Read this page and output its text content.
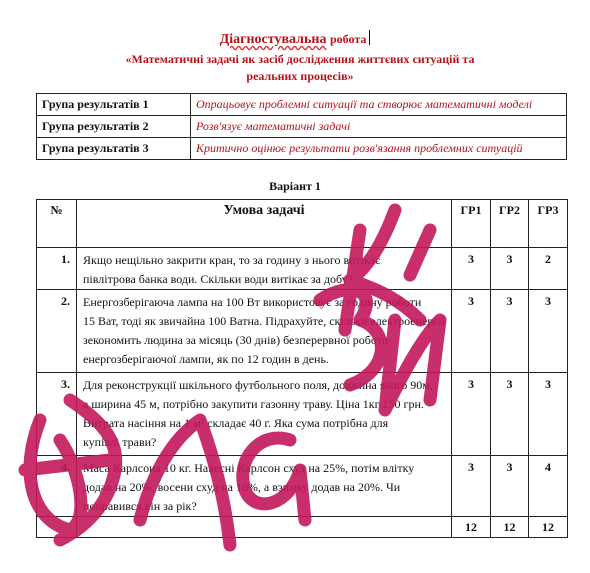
Діагностувальна робота
«Математичні задачі як засіб дослідження життєвих ситуацій та
реальних процесів»
Група результатів 1	Опрацьовує проблемні ситуації та створює математичні моделі
Група результатів 2	Розв'язує математичні задачі
Група результатів 3	Критично оцінює результати розв'язання проблемних ситуацій
Варіант 1
№	Умова задачі	ГР1	ГР2	ГР3
1.	Якщо нещільно закрити кран, то за годину з нього витікає
півлітрова банка води. Скільки води витікає за добу?	3	3	2
2.	Енергозберігаюча лампа на 100 Вт використовує за годину роботи
15 Ват, тоді як звичайна 100 Ватна. Підрахуйте, скільки електроенергії
зекономить людина за місяць (30 днів) безперервної роботи
енергозберігаючої лампи, як по 12 годин в день.	3	3	3
3.	Для реконструкції шкільного футбольного поля, довжина якого 90м,
а ширина 45 м, потрібно закупити газонну траву. Ціна 1кг 150 грн.
Витрата насіння на 1 м² складає 40 г. Яка сума потрібна для
купівлі трави?	3	3	3
4.	Маса Карлсона 10 кг. Навесні Карлсон схуд на 25%, потім влітку
додав на 20%, восени схуд на 10%, а взимку додав на 20%. Чи
поправився він за рік?	3	3	4
		12	12	12
